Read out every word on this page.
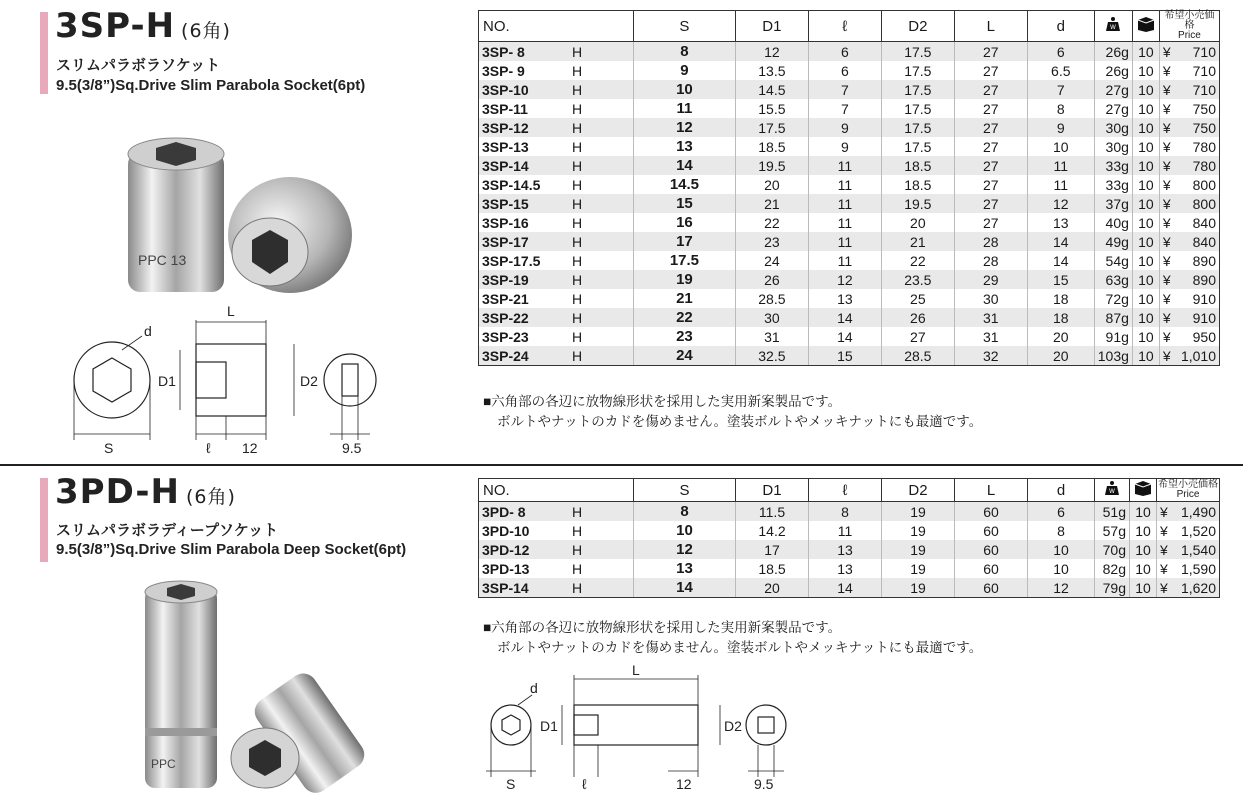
3SP-H (6角)
スリムパラボラソケット
9.5(3/8”)Sq.Drive Slim Parabola Socket(6pt)
PPC 13
L
d
D1	D2
S	ℓ 12	9.5
NO.		S	D1	ℓ	D2	L	d	W		希望小売価格
Price	

3SP- 8	H	8	12	6	17.5	27	6	26g	10	¥	710
3SP- 9	H	9	13.5	6	17.5	27	6.5	26g	10	¥	710
3SP-10	H	10	14.5	7	17.5	27	7	27g	10	¥	710
3SP-11	H	11	15.5	7	17.5	27	8	27g	10	¥	750
3SP-12	H	12	17.5	9	17.5	27	9	30g	10	¥	750
3SP-13	H	13	18.5	9	17.5	27	10	30g	10	¥	780
3SP-14	H	14	19.5	11	18.5	27	11	33g	10	¥	780
3SP-14.5	H	14.5	20	11	18.5	27	11	33g	10	¥	800
3SP-15	H	15	21	11	19.5	27	12	37g	10	¥	800
3SP-16	H	16	22	11	20	27	13	40g	10	¥	840
3SP-17	H	17	23	11	21	28	14	49g	10	¥	840
3SP-17.5	H	17.5	24	11	22	28	14	54g	10	¥	890
3SP-19	H	19	26	12	23.5	29	15	63g	10	¥	890
3SP-21	H	21	28.5	13	25	30	18	72g	10	¥	910
3SP-22	H	22	30	14	26	31	18	87g	10	¥	910
3SP-23	H	23	31	14	27	31	20	91g	10	¥	950
3SP-24	H	24	32.5	15	28.5	32	20	103g	10	¥	1,010
■六角部の各辺に放物線形状を採用した実用新案製品です。
ボルトやナットのカドを傷めません。塗装ボルトやメッキナットにも最適です。
3PD-H (6角)
スリムパラボラディープソケット
9.5(3/8”)Sq.Drive Slim Parabola Deep Socket(6pt)
PPC
NO.		S	D1	ℓ	D2	L	d	W		希望小売価格
Price	

3PD- 8	H	8	11.5	8	19	60	6	51g	10	¥	1,490
3PD-10	H	10	14.2	11	19	60	8	57g	10	¥	1,520
3PD-12	H	12	17	13	19	60	10	70g	10	¥	1,540
3PD-13	H	13	18.5	13	19	60	10	82g	10	¥	1,590
3SP-14	H	14	20	14	19	60	12	79g	10	¥	1,620
■六角部の各辺に放物線形状を採用した実用新案製品です。
ボルトやナットのカドを傷めません。塗装ボルトやメッキナットにも最適です。
L
d
D1	D2
S	ℓ	12	9.5
